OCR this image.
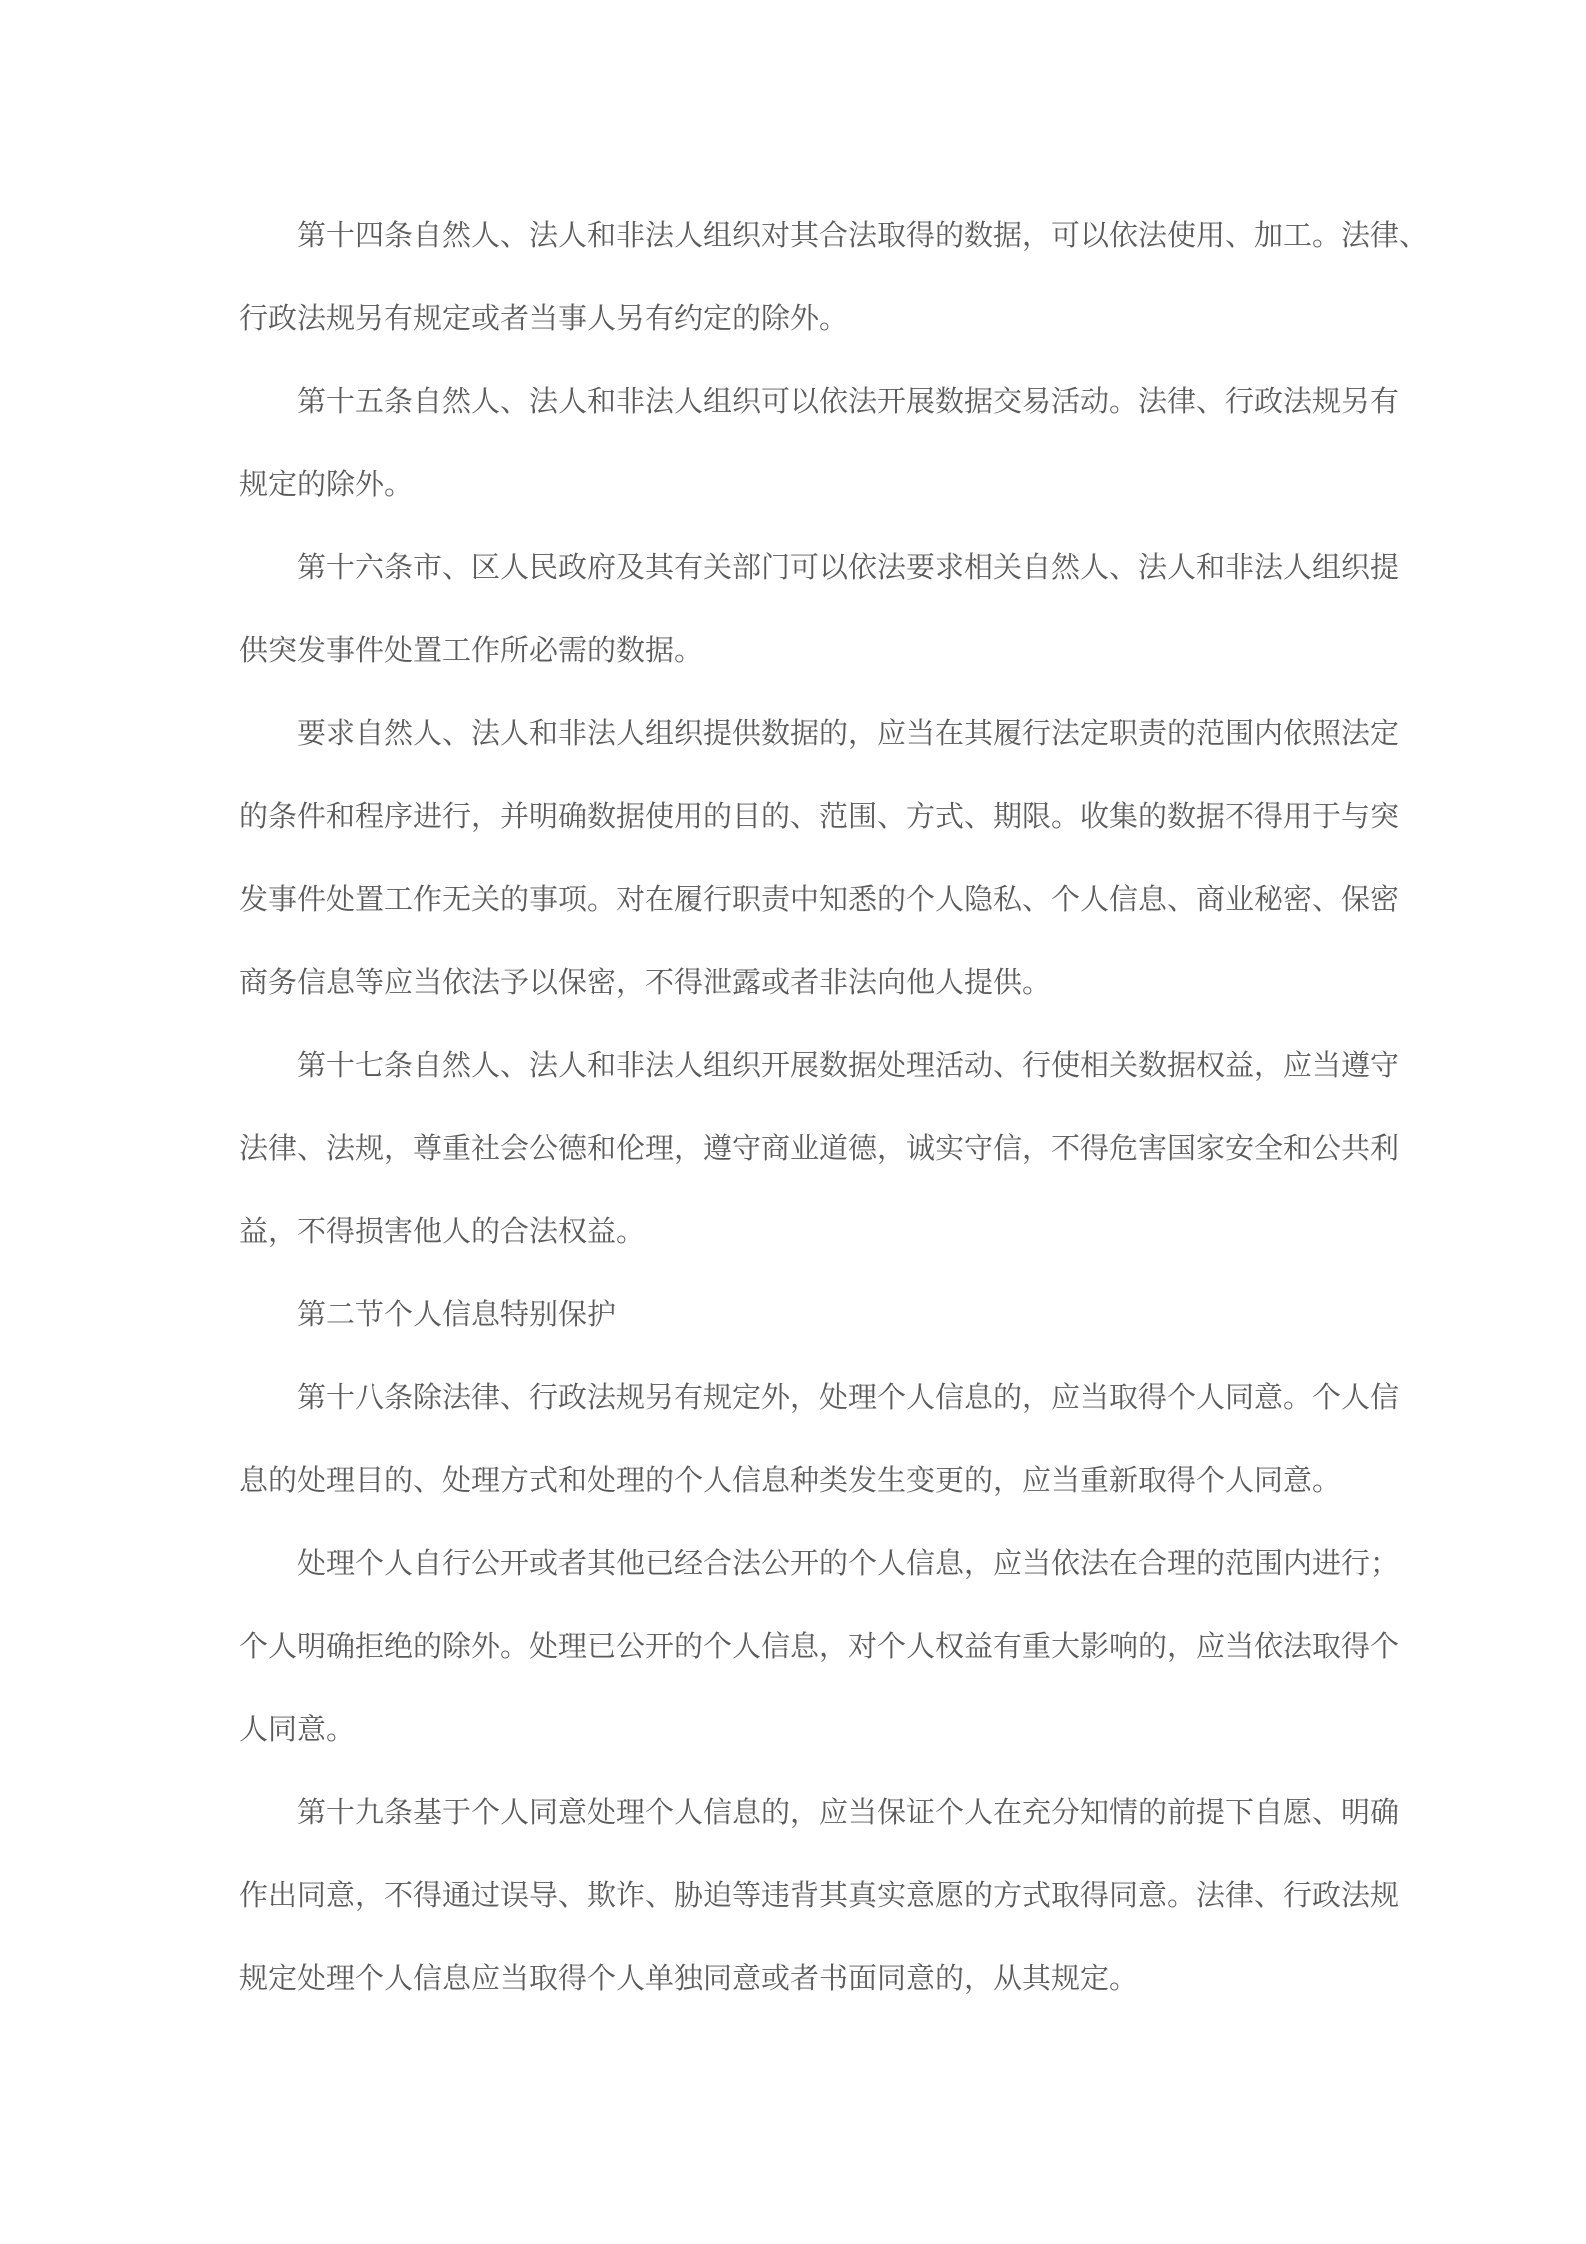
第十四条自然人、法人和非法人组织对其合法取得的数据，可以依法使用、加工。法律、
行政法规另有规定或者当事人另有约定的除外。
第十五条自然人、法人和非法人组织可以依法开展数据交易活动。法律、行政法规另有
规定的除外。
第十六条市、区人民政府及其有关部门可以依法要求相关自然人、法人和非法人组织提
供突发事件处置工作所必需的数据。
要求自然人、法人和非法人组织提供数据的，应当在其履行法定职责的范围内依照法定
的条件和程序进行，并明确数据使用的目的、范围、方式、期限。收集的数据不得用于与突
发事件处置工作无关的事项。对在履行职责中知悉的个人隐私、个人信息、商业秘密、保密
商务信息等应当依法予以保密，不得泄露或者非法向他人提供。
第十七条自然人、法人和非法人组织开展数据处理活动、行使相关数据权益，应当遵守
法律、法规，尊重社会公德和伦理，遵守商业道德，诚实守信，不得危害国家安全和公共利
益，不得损害他人的合法权益。
第二节个人信息特别保护
第十八条除法律、行政法规另有规定外，处理个人信息的，应当取得个人同意。个人信
息的处理目的、处理方式和处理的个人信息种类发生变更的，应当重新取得个人同意。
处理个人自行公开或者其他已经合法公开的个人信息，应当依法在合理的范围内进行；
个人明确拒绝的除外。处理已公开的个人信息，对个人权益有重大影响的，应当依法取得个
人同意。
第十九条基于个人同意处理个人信息的，应当保证个人在充分知情的前提下自愿、明确
作出同意，不得通过误导、欺诈、胁迫等违背其真实意愿的方式取得同意。法律、行政法规
规定处理个人信息应当取得个人单独同意或者书面同意的，从其规定。
